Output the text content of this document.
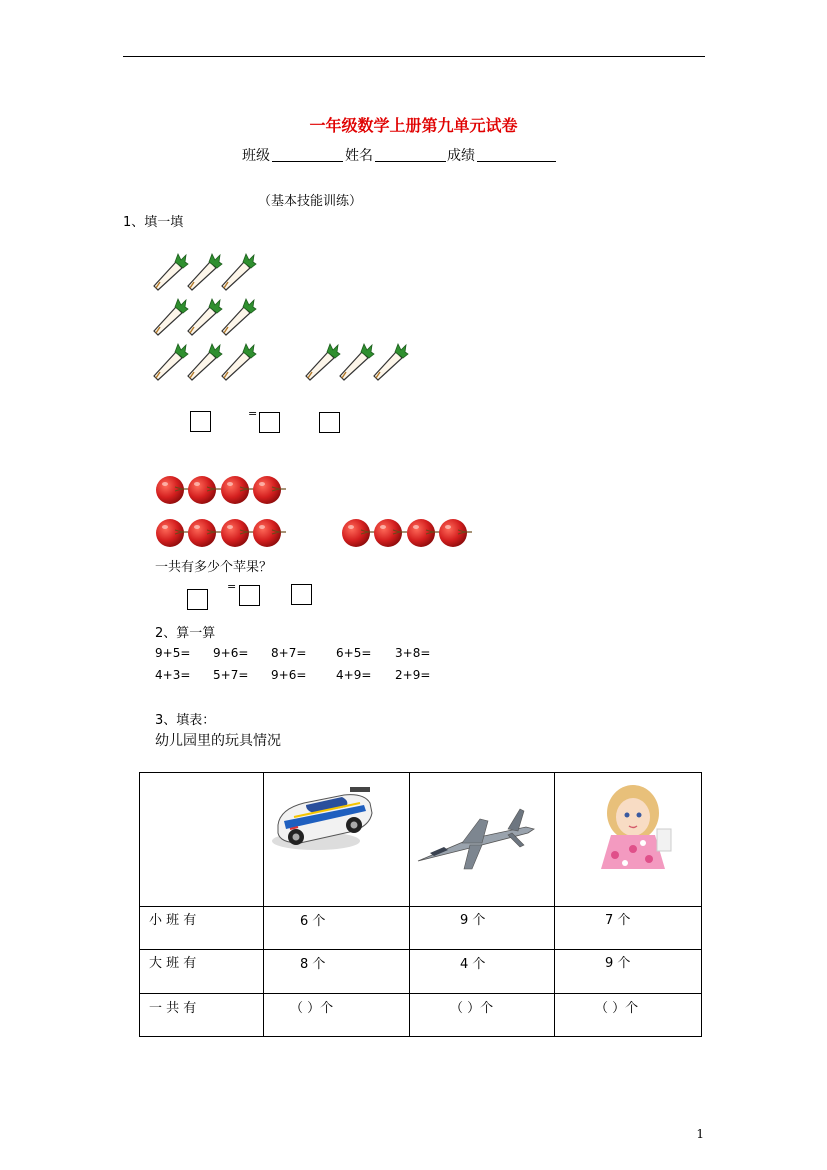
一年级数学上册第九单元试卷
班级	姓名	成绩
（基本技能训练）
1、填一填
=
一共有多少个苹果？
=
2、算一算
9+5= 9+6= 8+7= 6+5= 3+8=
4+3= 5+7= 9+6= 4+9= 2+9=
3、填表：
幼儿园里的玩具情况

小 班 有	6 个	9 个	7 个

大 班 有	8 个	4 个	9 个

一 共 有	（ ）个	（ ）个	（ ）个
1
